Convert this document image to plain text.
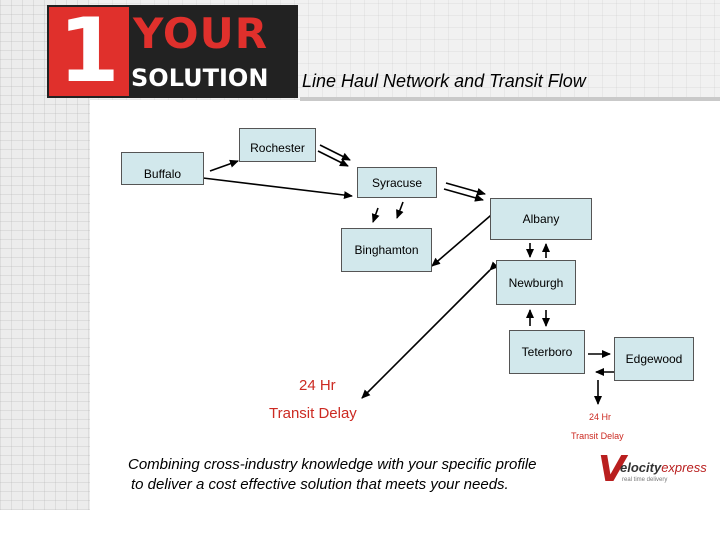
1 YOUR
SOLUTION Line Haul Network and Transit Flow
Rochester
Buffalo
Syracuse
Albany
Binghamton
Newburgh
Teterboro	Edgewood
24 Hr
Transit Delay	24 Hr
Transit Delay
Combining cross-industry knowledge with your specific profile
to deliver a cost effective solution that meets your needs. V
elocityexpress
real time delivery
